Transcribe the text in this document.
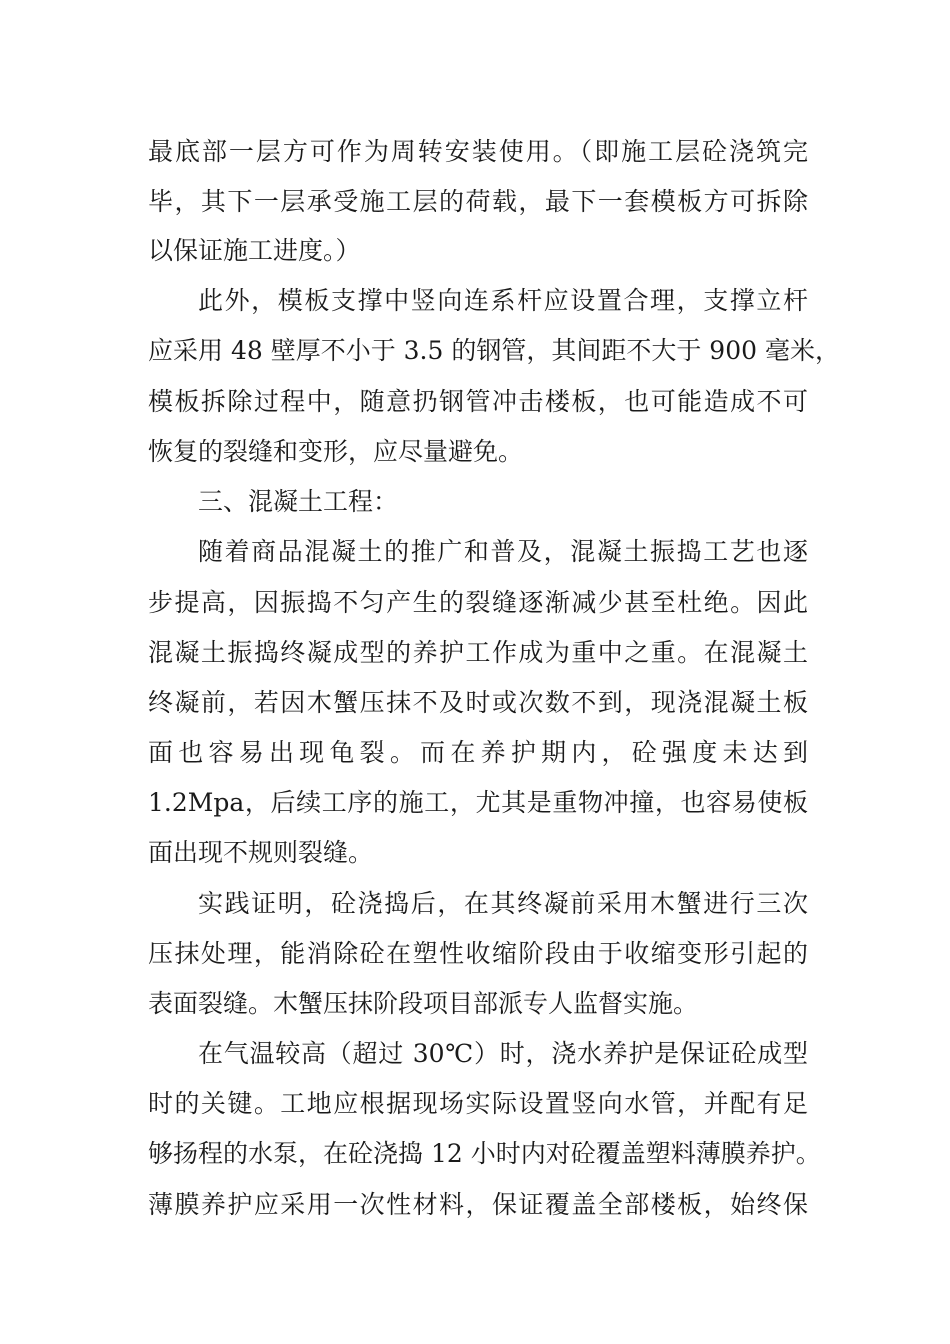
最底部一层方可作为周转安装使用。（即施工层砼浇筑完
毕，其下一层承受施工层的荷载，最下一套模板方可拆除
以保证施工进度。）
此外，模板支撑中竖向连系杆应设置合理，支撑立杆
应采用 48 壁厚不小于 3.5 的钢管，其间距不大于 900 毫米，
模板拆除过程中，随意扔钢管冲击楼板，也可能造成不可
恢复的裂缝和变形，应尽量避免。
三、混凝土工程：
随着商品混凝土的推广和普及，混凝土振捣工艺也逐
步提高，因振捣不匀产生的裂缝逐渐减少甚至杜绝。因此
混凝土振捣终凝成型的养护工作成为重中之重。在混凝土
终凝前，若因木蟹压抹不及时或次数不到，现浇混凝土板
面也容易出现龟裂。而在养护期内，砼强度未达到
1.2Mpa，后续工序的施工，尤其是重物冲撞，也容易使板
面出现不规则裂缝。
实践证明，砼浇捣后，在其终凝前采用木蟹进行三次
压抹处理，能消除砼在塑性收缩阶段由于收缩变形引起的
表面裂缝。木蟹压抹阶段项目部派专人监督实施。
在气温较高（超过 30℃）时，浇水养护是保证砼成型
时的关键。工地应根据现场实际设置竖向水管，并配有足
够扬程的水泵，在砼浇捣 12 小时内对砼覆盖塑料薄膜养护。
薄膜养护应采用一次性材料，保证覆盖全部楼板，始终保
